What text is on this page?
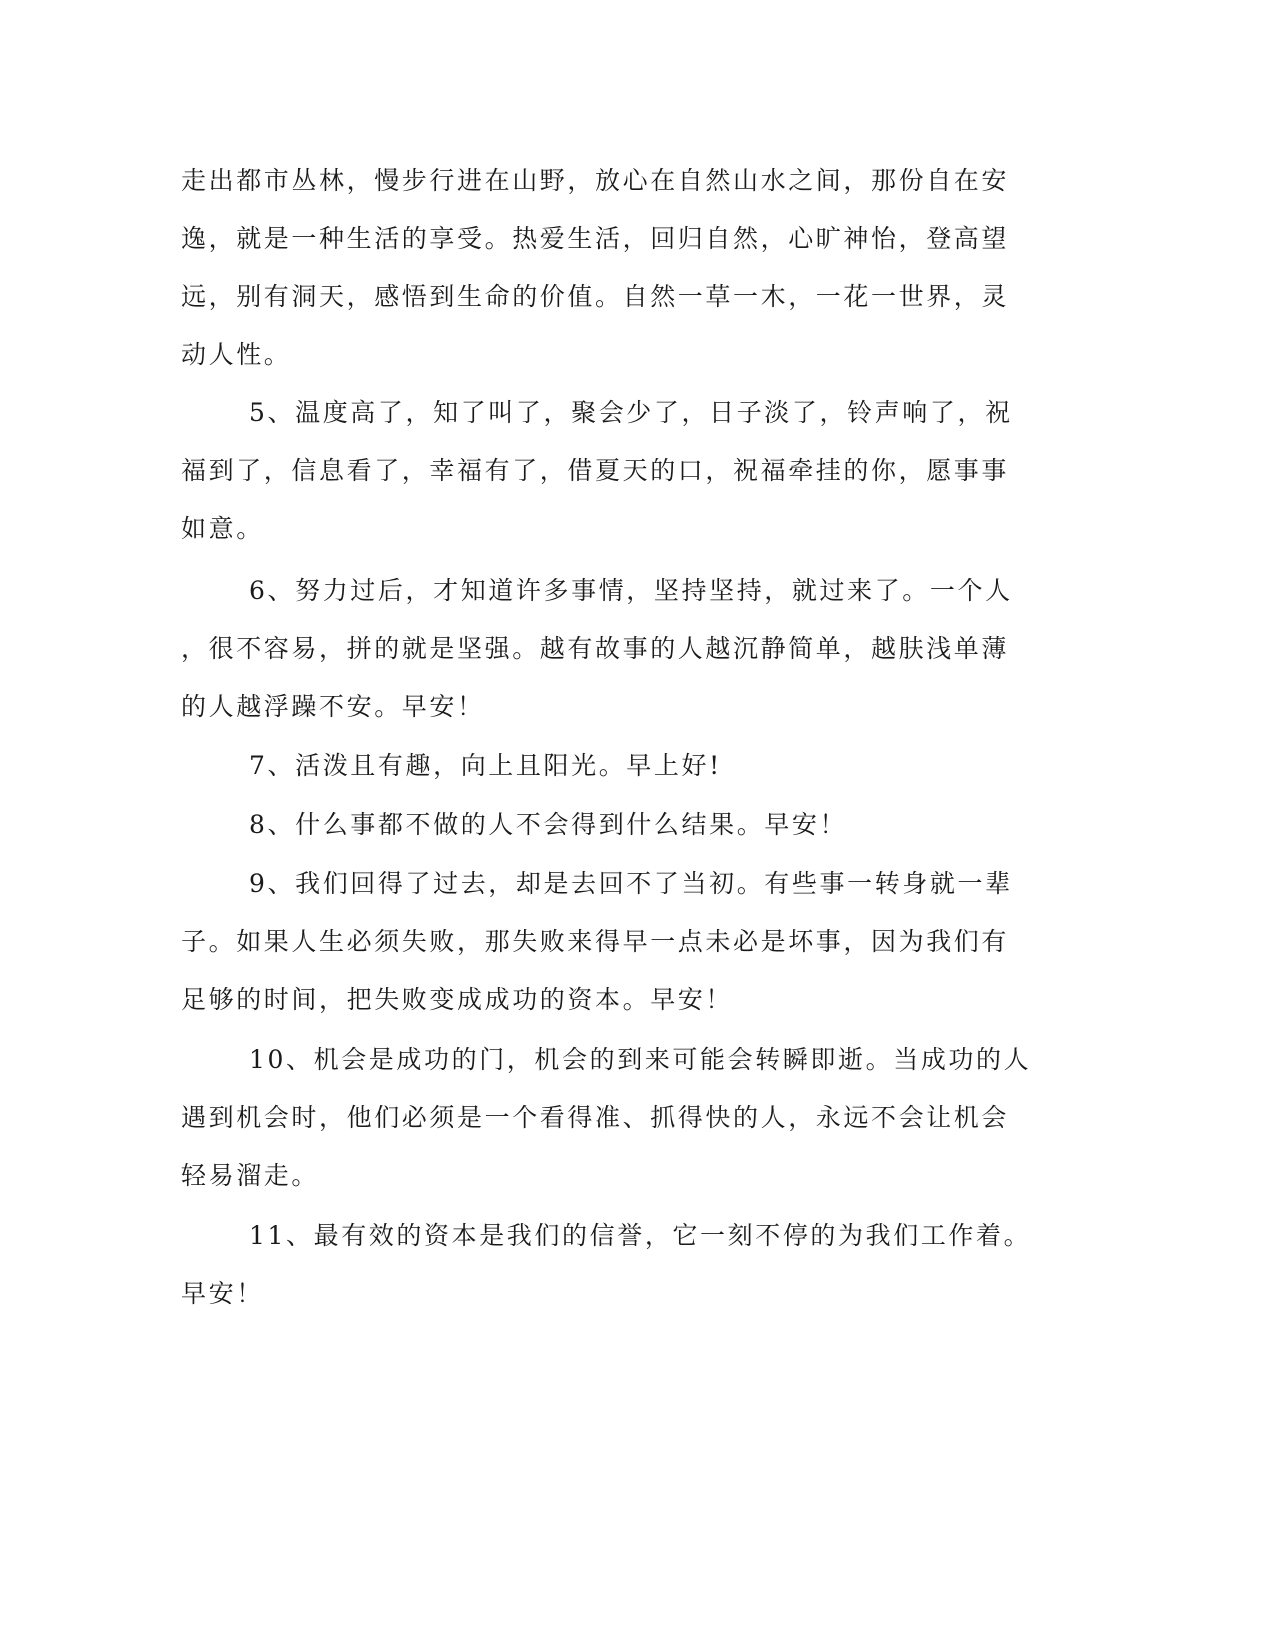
走出都市丛林，慢步行进在山野，放心在自然山水之间，那份自在安
逸，就是一种生活的享受。热爱生活，回归自然，心旷神怡，登高望
远，别有洞天，感悟到生命的价值。自然一草一木，一花一世界，灵
动人性。
5、温度高了，知了叫了，聚会少了，日子淡了，铃声响了，祝
福到了，信息看了，幸福有了，借夏天的口，祝福牵挂的你，愿事事
如意。
6、努力过后，才知道许多事情，坚持坚持，就过来了。一个人
，很不容易，拼的就是坚强。越有故事的人越沉静简单，越肤浅单薄
的人越浮躁不安。早安！
7、活泼且有趣，向上且阳光。早上好!
8、什么事都不做的人不会得到什么结果。早安！
9、我们回得了过去，却是去回不了当初。有些事一转身就一辈
子。如果人生必须失败，那失败来得早一点未必是坏事，因为我们有
足够的时间，把失败变成成功的资本。早安！
10、机会是成功的门，机会的到来可能会转瞬即逝。当成功的人
遇到机会时，他们必须是一个看得准、抓得快的人，永远不会让机会
轻易溜走。
11、最有效的资本是我们的信誉，它一刻不停的为我们工作着。
早安！
